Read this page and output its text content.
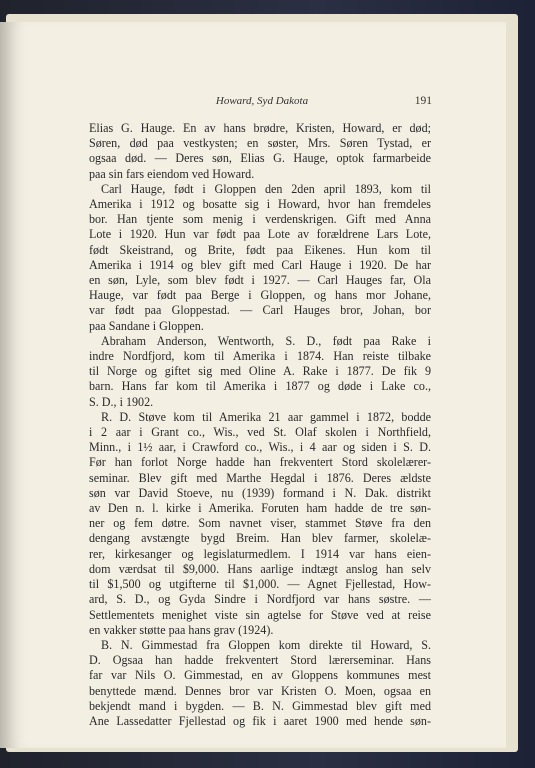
Howard, Syd Dakota	191
Elias G. Hauge. En av hans brødre, Kristen, Howard, er død;
Søren, død paa vestkysten; en søster, Mrs. Søren Tystad, er
ogsaa død. — Deres søn, Elias G. Hauge, optok farmarbeide
paa sin fars eiendom ved Howard.
Carl Hauge, født i Gloppen den 2den april 1893, kom til
Amerika i 1912 og bosatte sig i Howard, hvor han fremdeles
bor. Han tjente som menig i verdenskrigen. Gift med Anna
Lote i 1920. Hun var født paa Lote av forældrene Lars Lote,
født Skeistrand, og Brite, født paa Eikenes. Hun kom til
Amerika i 1914 og blev gift med Carl Hauge i 1920. De har
en søn, Lyle, som blev født i 1927. — Carl Hauges far, Ola
Hauge, var født paa Berge i Gloppen, og hans mor Johane,
var født paa Gloppestad. — Carl Hauges bror, Johan, bor
paa Sandane i Gloppen.
Abraham Anderson, Wentworth, S. D., født paa Rake i
indre Nordfjord, kom til Amerika i 1874. Han reiste tilbake
til Norge og giftet sig med Oline A. Rake i 1877. De fik 9
barn. Hans far kom til Amerika i 1877 og døde i Lake co.,
S. D., i 1902.
R. D. Støve kom til Amerika 21 aar gammel i 1872, bodde
i 2 aar i Grant co., Wis., ved St. Olaf skolen i Northfield,
Minn., i 1½ aar, i Crawford co., Wis., i 4 aar og siden i S. D.
Før han forlot Norge hadde han frekventert Stord skolelærer-
seminar. Blev gift med Marthe Hegdal i 1876. Deres ældste
søn var David Stoeve, nu (1939) formand i N. Dak. distrikt
av Den n. l. kirke i Amerika. Foruten ham hadde de tre søn-
ner og fem døtre. Som navnet viser, stammet Støve fra den
dengang avstængte bygd Breim. Han blev farmer, skolelæ-
rer, kirkesanger og legislaturmedlem. I 1914 var hans eien-
dom værdsat til $9,000. Hans aarlige indtægt anslog han selv
til $1,500 og utgifterne til $1,000. — Agnet Fjellestad, How-
ard, S. D., og Gyda Sindre i Nordfjord var hans søstre. —
Settlementets menighet viste sin agtelse for Støve ved at reise
en vakker støtte paa hans grav (1924).
B. N. Gimmestad fra Gloppen kom direkte til Howard, S.
D. Ogsaa han hadde frekventert Stord lærerseminar. Hans
far var Nils O. Gimmestad, en av Gloppens kommunes mest
benyttede mænd. Dennes bror var Kristen O. Moen, ogsaa en
bekjendt mand i bygden. — B. N. Gimmestad blev gift med
Ane Lassedatter Fjellestad og fik i aaret 1900 med hende søn-
